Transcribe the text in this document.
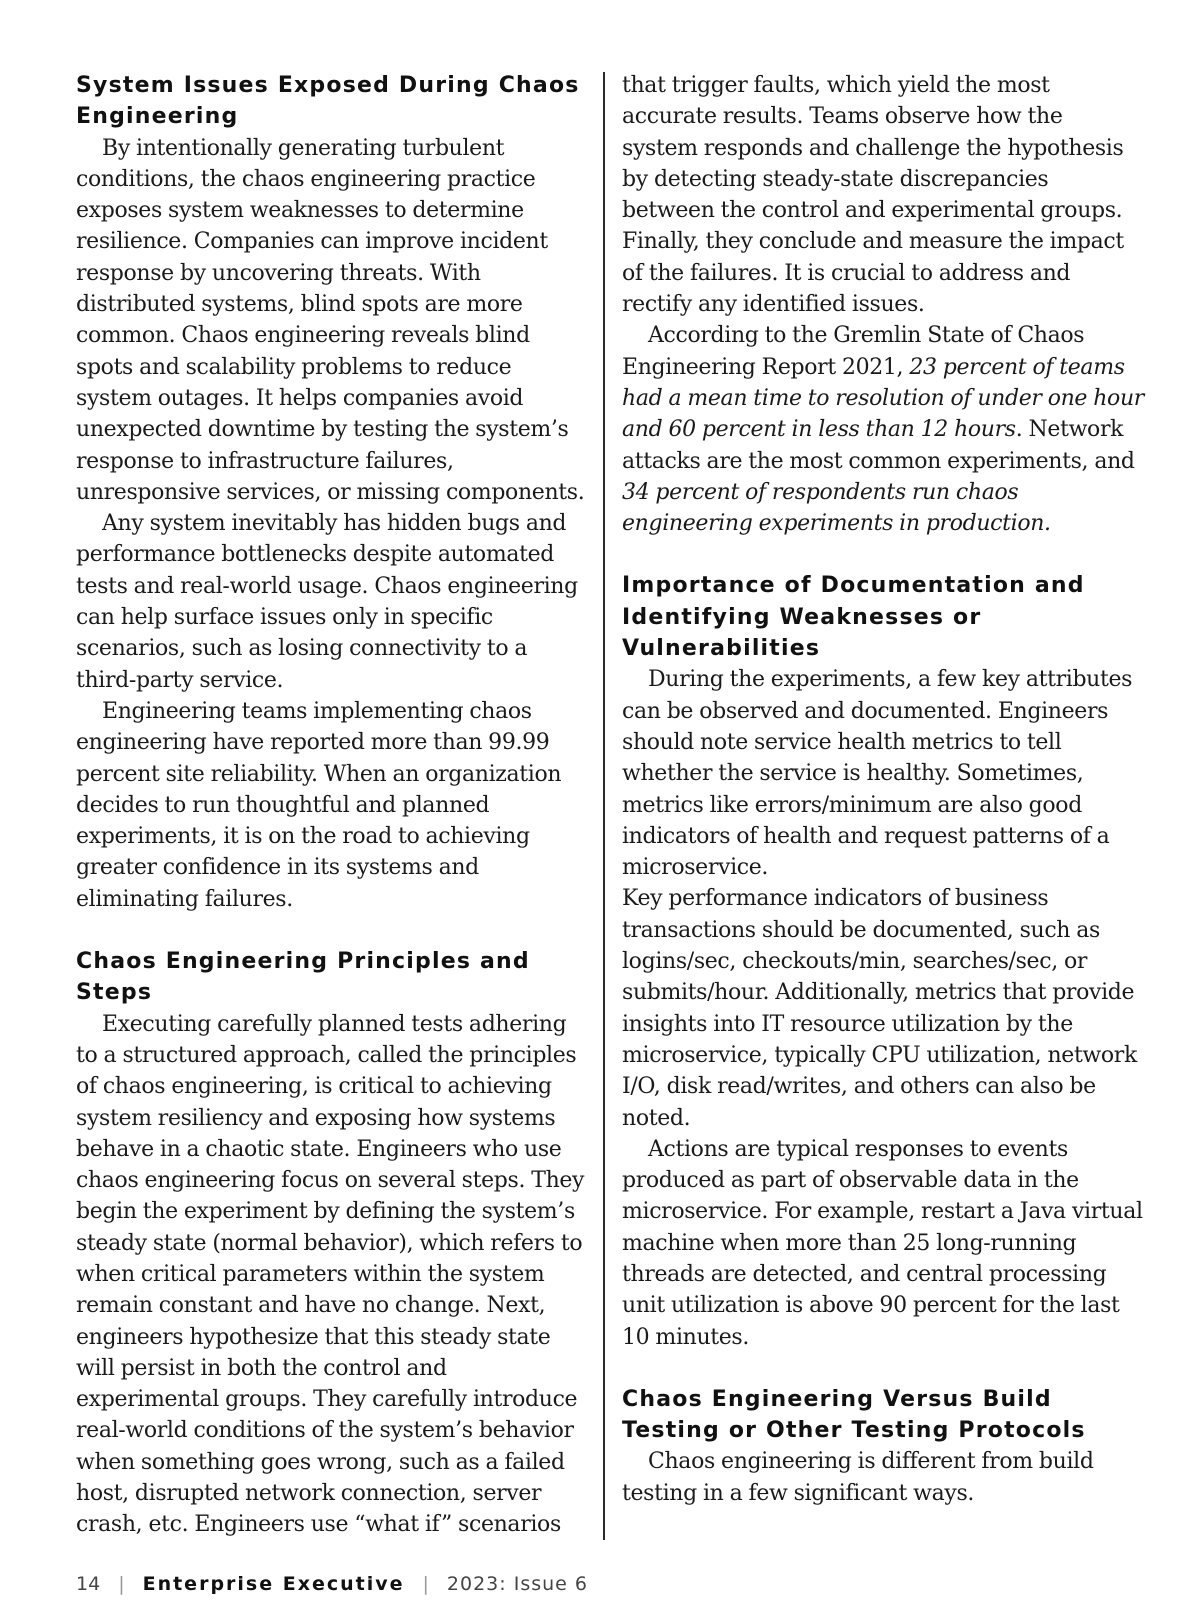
System Issues Exposed During Chaos Engineering

By intentionally generating turbulent conditions, the chaos engineering practice exposes system weaknesses to determine resilience. Companies can improve incident response by uncovering threats. With distributed systems, blind spots are more common. Chaos engineering reveals blind spots and scalability problems to reduce system outages. It helps companies avoid unexpected downtime by testing the system’s response to infrastructure failures, unresponsive services, or missing components.

Any system inevitably has hidden bugs and performance bottlenecks despite automated tests and real-world usage. Chaos engineering can help surface issues only in specific scenarios, such as losing connectivity to a third-party service.

Engineering teams implementing chaos engineering have reported more than 99.99 percent site reliability. When an organization decides to run thoughtful and planned experiments, it is on the road to achieving greater confidence in its systems and eliminating failures.

Chaos Engineering Principles and Steps

Executing carefully planned tests adhering to a structured approach, called the principles of chaos engineering, is critical to achieving system resiliency and exposing how systems behave in a chaotic state. Engineers who use chaos engineering focus on several steps. They begin the experiment by defining the system’s steady state (normal behavior), which refers to when critical parameters within the system remain constant and have no change. Next, engineers hypothesize that this steady state will persist in both the control and experimental groups. They carefully introduce real-world conditions of the system’s behavior when something goes wrong, such as a failed host, disrupted network connection, server crash, etc. Engineers use “what if” scenarios

that trigger faults, which yield the most accurate results. Teams observe how the system responds and challenge the hypothesis by detecting steady-state discrepancies between the control and experimental groups. Finally, they conclude and measure the impact of the failures. It is crucial to address and rectify any identified issues.

According to the Gremlin State of Chaos Engineering Report 2021, 23 percent of teams had a mean time to resolution of under one hour and 60 percent in less than 12 hours. Network attacks are the most common experiments, and 34 percent of respondents run chaos engineering experiments in production.

Importance of Documentation and Identifying Weaknesses or Vulnerabilities

During the experiments, a few key attributes can be observed and documented. Engineers should note service health metrics to tell whether the service is healthy. Sometimes, metrics like errors/minimum are also good indicators of health and request patterns of a microservice.

Key performance indicators of business transactions should be documented, such as logins/sec, checkouts/min, searches/sec, or submits/hour. Additionally, metrics that provide insights into IT resource utilization by the microservice, typically CPU utilization, network I/O, disk read/writes, and others can also be noted.

Actions are typical responses to events produced as part of observable data in the microservice. For example, restart a Java virtual machine when more than 25 long-running threads are detected, and central processing unit utilization is above 90 percent for the last 10 minutes.

Chaos Engineering Versus Build Testing or Other Testing Protocols

Chaos engineering is different from build testing in a few significant ways.

14 | Enterprise Executive | 2023: Issue 6
